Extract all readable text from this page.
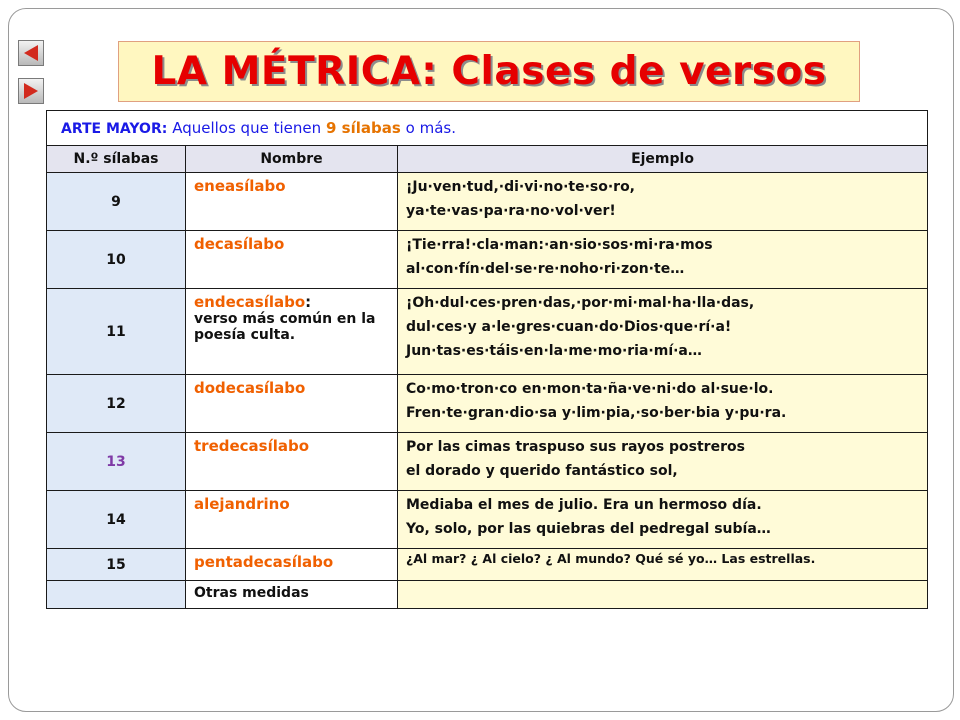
LA MÉTRICA: Clases de versos
ARTE MAYOR: Aquellos que tienen 9 sílabas o más.		
N.º sílabas	Nombre	Ejemplo
9	eneasílabo	¡Ju·ven·tud,·di·vi·no·te·so·ro,
ya·te·vas·pa·ra·no·vol·ver!

10	decasílabo	¡Tie·rra!·cla·man:·an·sio·sos·mi·ra·mos
al·con·fín·del·se·re·noho·ri·zon·te…

11	endecasílabo:
verso más común en la poesía culta.	¡Oh·dul·ces·pren·das,·por·mi·mal·ha·lla·das,
dul·ces·y a·le·gres·cuan·do·Dios·que·rí·a!
Jun·tas·es·táis·en·la·me·mo·ria·mí·a…

12	dodecasílabo	Co·mo·tron·co en·mon·ta·ña·ve·ni·do al·sue·lo.
Fren·te·gran·dio·sa y·lim·pia,·so·ber·bia y·pu·ra.

13	tredecasílabo	Por las cimas traspuso sus rayos postreros
el dorado y querido fantástico sol,

14	alejandrino	Mediaba el mes de julio. Era un hermoso día.
Yo, solo, por las quiebras del pedregal subía…

15	pentadecasílabo	¿Al mar? ¿ Al cielo? ¿ Al mundo? Qué sé yo… Las estrellas.

	Otras medidas	
